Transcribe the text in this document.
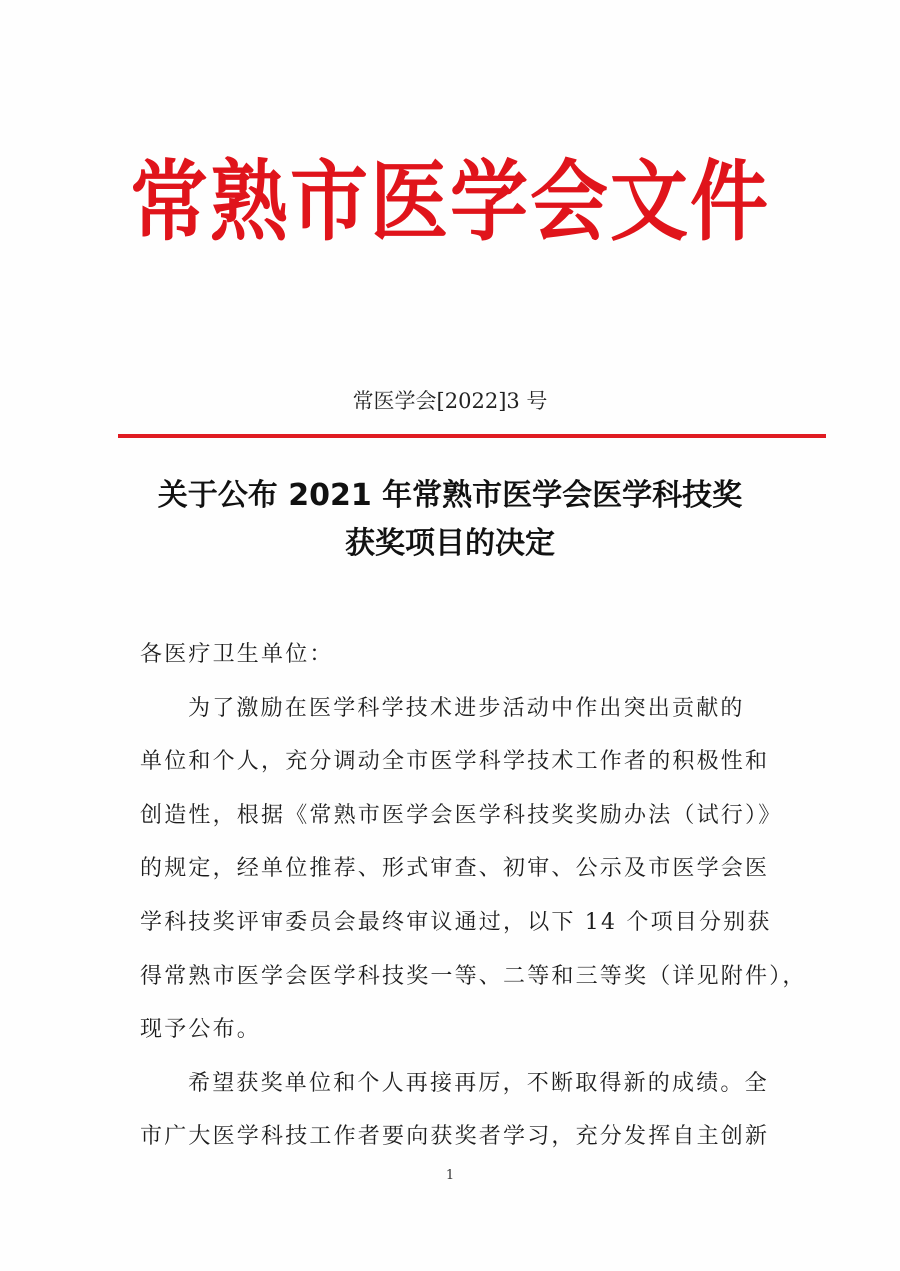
常熟市医学会文件
常医学会[2022]3 号
关于公布 2021 年常熟市医学会医学科技奖
获奖项目的决定
各医疗卫生单位：
为了激励在医学科学技术进步活动中作出突出贡献的
单位和个人，充分调动全市医学科学技术工作者的积极性和
创造性，根据《常熟市医学会医学科技奖奖励办法（试行）》
的规定，经单位推荐、形式审查、初审、公示及市医学会医
学科技奖评审委员会最终审议通过，以下 14 个项目分别获
得常熟市医学会医学科技奖一等、二等和三等奖（详见附件），
现予公布。
希望获奖单位和个人再接再厉，不断取得新的成绩。全
市广大医学科技工作者要向获奖者学习，充分发挥自主创新
1
